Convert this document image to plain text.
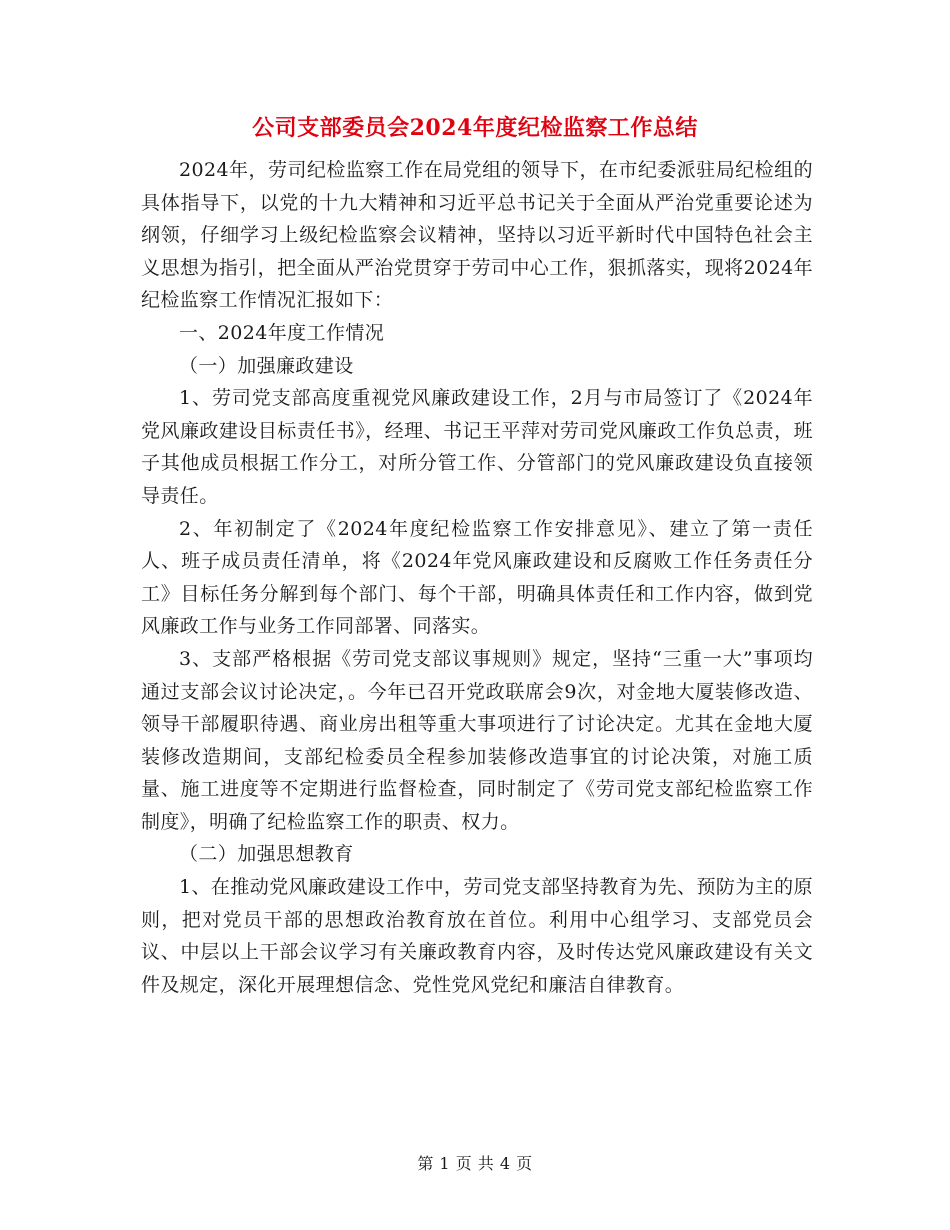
公司支部委员会2024年度纪检监察工作总结

2024年，劳司纪检监察工作在局党组的领导下，在市纪委派驻局纪检组的具体指导下，以党的十九大精神和习近平总书记关于全面从严治党重要论述为纲领，仔细学习上级纪检监察会议精神，坚持以习近平新时代中国特色社会主义思想为指引，把全面从严治党贯穿于劳司中心工作，狠抓落实，现将2024年纪检监察工作情况汇报如下：

一、2024年度工作情况

（一）加强廉政建设

1、劳司党支部高度重视党风廉政建设工作，2月与市局签订了《2024年党风廉政建设目标责任书》，经理、书记王平萍对劳司党风廉政工作负总责，班子其他成员根据工作分工，对所分管工作、分管部门的党风廉政建设负直接领导责任。

2、年初制定了《2024年度纪检监察工作安排意见》、建立了第一责任人、班子成员责任清单，将《2024年党风廉政建设和反腐败工作任务责任分工》目标任务分解到每个部门、每个干部，明确具体责任和工作内容，做到党风廉政工作与业务工作同部署、同落实。

3、支部严格根据《劳司党支部议事规则》规定，坚持“三重一大”事项均通过支部会议讨论决定，。今年已召开党政联席会9次，对金地大厦装修改造、领导干部履职待遇、商业房出租等重大事项进行了讨论决定。尤其在金地大厦装修改造期间，支部纪检委员全程参加装修改造事宜的讨论决策，对施工质量、施工进度等不定期进行监督检查，同时制定了《劳司党支部纪检监察工作制度》，明确了纪检监察工作的职责、权力。

（二）加强思想教育

1、在推动党风廉政建设工作中，劳司党支部坚持教育为先、预防为主的原则，把对党员干部的思想政治教育放在首位。利用中心组学习、支部党员会议、中层以上干部会议学习有关廉政教育内容，及时传达党风廉政建设有关文件及规定，深化开展理想信念、党性党风党纪和廉洁自律教育。

第 1 页 共 4 页
